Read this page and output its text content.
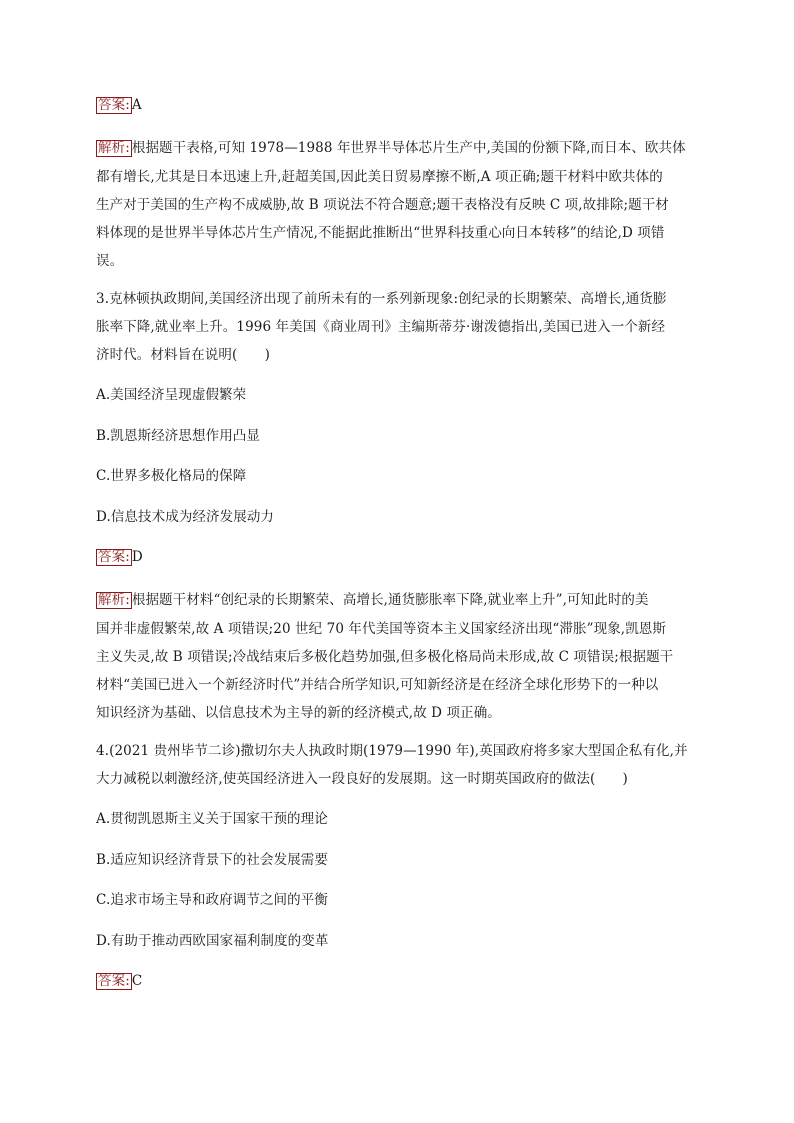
答案: A
解析: 根据题干表格,可知 1978—1988 年世界半导体芯片生产中,美国的份额下降,而日本、欧共体
都有增长,尤其是日本迅速上升,赶超美国,因此美日贸易摩擦不断,A 项正确;题干材料中欧共体的
生产对于美国的生产构不成威胁,故 B 项说法不符合题意;题干表格没有反映 C 项,故排除;题干材
料体现的是世界半导体芯片生产情况,不能据此推断出“世界科技重心向日本转移”的结论,D 项错
误。
3.克林顿执政期间,美国经济出现了前所未有的一系列新现象:创纪录的长期繁荣、高增长,通货膨
胀率下降,就业率上升。1996 年美国《商业周刊》主编斯蒂芬·谢泼德指出,美国已进入一个新经
济时代。材料旨在说明(　　)
A.美国经济呈现虚假繁荣
B.凯恩斯经济思想作用凸显
C.世界多极化格局的保障
D.信息技术成为经济发展动力
答案: D
解析: 根据题干材料“创纪录的长期繁荣、高增长,通货膨胀率下降,就业率上升”,可知此时的美
国并非虚假繁荣,故 A 项错误;20 世纪 70 年代美国等资本主义国家经济出现“滞胀”现象,凯恩斯
主义失灵,故 B 项错误;冷战结束后多极化趋势加强,但多极化格局尚未形成,故 C 项错误;根据题干
材料“美国已进入一个新经济时代”并结合所学知识,可知新经济是在经济全球化形势下的一种以
知识经济为基础、以信息技术为主导的新的经济模式,故 D 项正确。
4.(2021 贵州毕节二诊)撒切尔夫人执政时期(1979—1990 年),英国政府将多家大型国企私有化,并
大力减税以刺激经济,使英国经济进入一段良好的发展期。这一时期英国政府的做法(　　)
A.贯彻凯恩斯主义关于国家干预的理论
B.适应知识经济背景下的社会发展需要
C.追求市场主导和政府调节之间的平衡
D.有助于推动西欧国家福利制度的变革
答案: C
